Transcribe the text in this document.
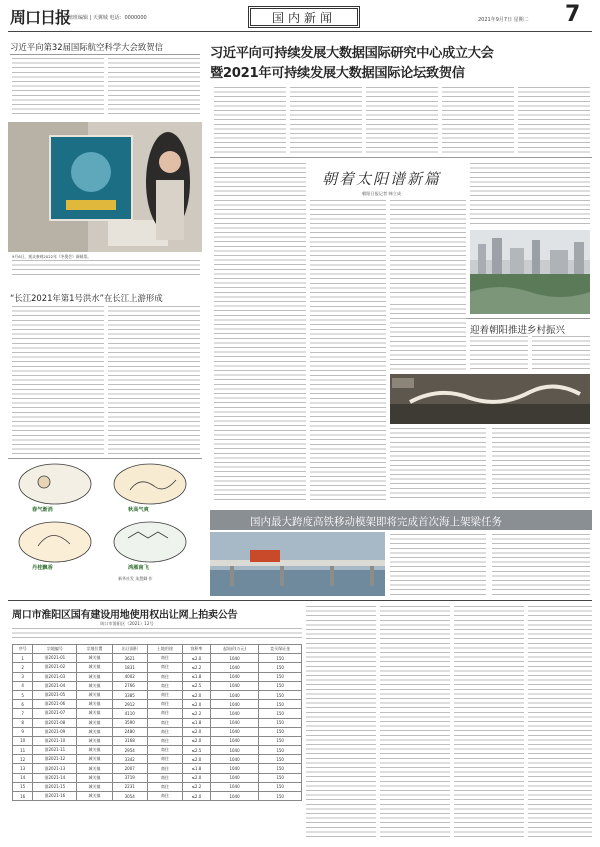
周口日报
值班编辑 | 天翼城 电话：0000000	国内新闻	2021年9月7日 星期二 7
习近平向第32届国际航空科学大会致贺信
9月6日，观众参观2022年《冬奥会》新邮票。
“长江2021年第1号洪水”在长江上游形成
春气渐消	秋高气爽
丹桂飘香	鸿雁南飞
新华社发 朱慧卿 作
习近平向可持续发展大数据国际研究中心成立大会
暨2021年可持续发展大数据国际论坛致贺信
朝着太阳谱新篇
朝阳日报记者 韩立成
迎着朝阳推进乡村振兴
国内最大跨度高铁移动模架即将完成首次海上架梁任务
周口市淮阳区国有建设用地使用权出让网上拍卖公告
周口市淮阳区（2021）12号
序号	宗地编号	宗地位置	出让面积	土地用途	容积率	起始价(万元)	竞买保证金
1	淮2021-01	城关镇	3621	商住	≤2.0	1040	150
2	淮2021-02	城关镇	1831	商住	≤2.2	1040	150
3	淮2021-03	城关镇	4002	商住	≤1.8	1040	150
4	淮2021-04	城关镇	2766	商住	≤2.5	1040	150
5	淮2021-05	城关镇	3385	商住	≤2.0	1040	150
6	淮2021-06	城关镇	2912	商住	≤2.0	1040	150
7	淮2021-07	城关镇	4110	商住	≤2.2	1040	150
8	淮2021-08	城关镇	3590	商住	≤1.8	1040	150
9	淮2021-09	城关镇	2480	商住	≤2.0	1040	150
10	淮2021-10	城关镇	3168	商住	≤2.0	1040	150
11	淮2021-11	城关镇	2954	商住	≤2.5	1040	150
12	淮2021-12	城关镇	3342	商住	≤2.0	1040	150
13	淮2021-13	城关镇	2007	商住	≤1.8	1040	150
14	淮2021-14	城关镇	3719	商住	≤2.0	1040	150
15	淮2021-15	城关镇	2231	商住	≤2.2	1040	150
16	淮2021-16	城关镇	3054	商住	≤2.0	1040	150
